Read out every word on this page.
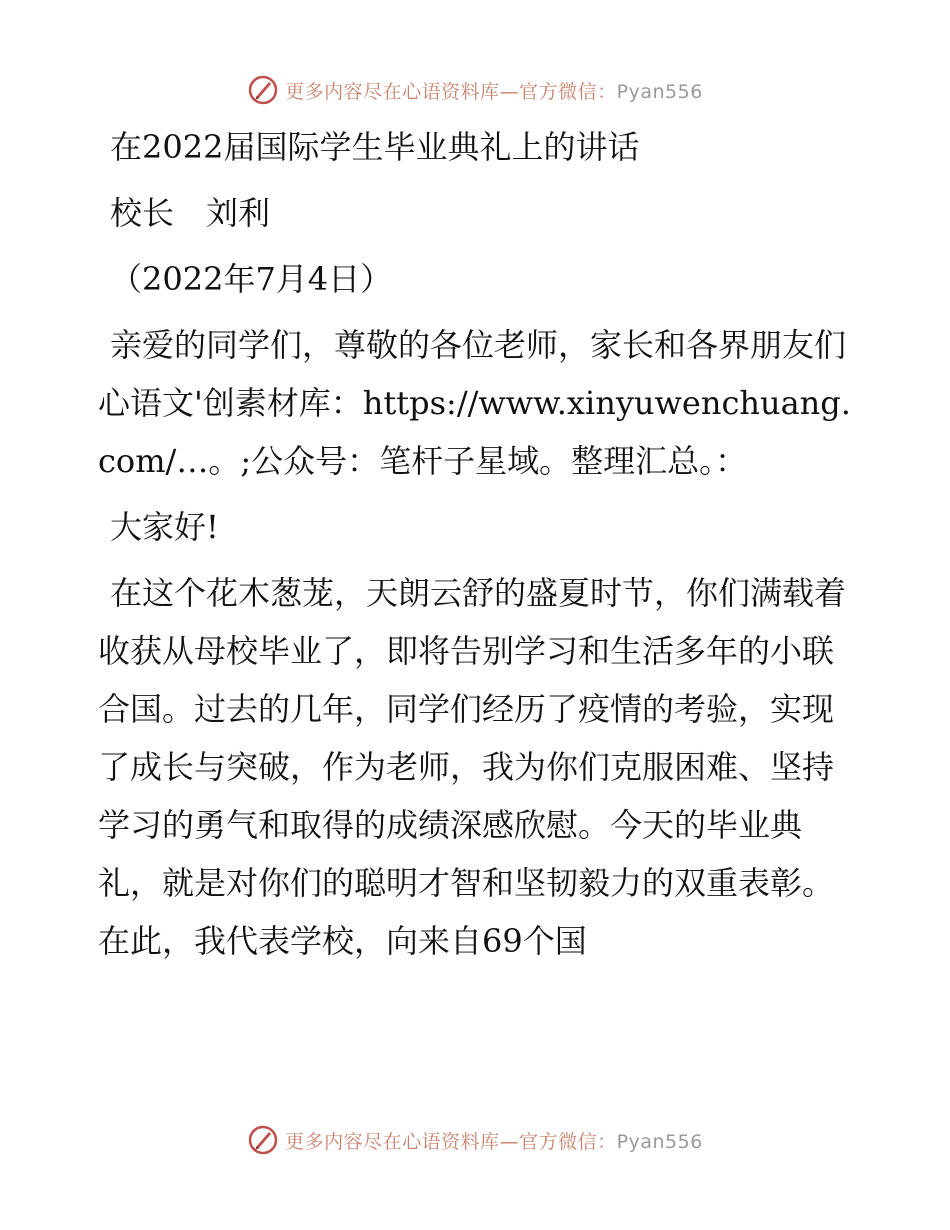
更多内容尽在心语资料库—官方微信：Pyan556

在2022届国际学生毕业典礼上的讲话

校长　刘利

（2022年7月4日）

亲爱的同学们，尊敬的各位老师，家长和各界朋友们心语文'创素材库：https://www.xinyuwenchuang.com/…。;公众号：笔杆子星域。整理汇总。：

大家好!

在这个花木葱茏，天朗云舒的盛夏时节，你们满载着收获从母校毕业了，即将告别学习和生活多年的小联合国。过去的几年，同学们经历了疫情的考验，实现了成长与突破，作为老师，我为你们克服困难、坚持学习的勇气和取得的成绩深感欣慰。今天的毕业典礼，就是对你们的聪明才智和坚韧毅力的双重表彰。在此，我代表学校，向来自69个国

更多内容尽在心语资料库—官方微信：Pyan556
